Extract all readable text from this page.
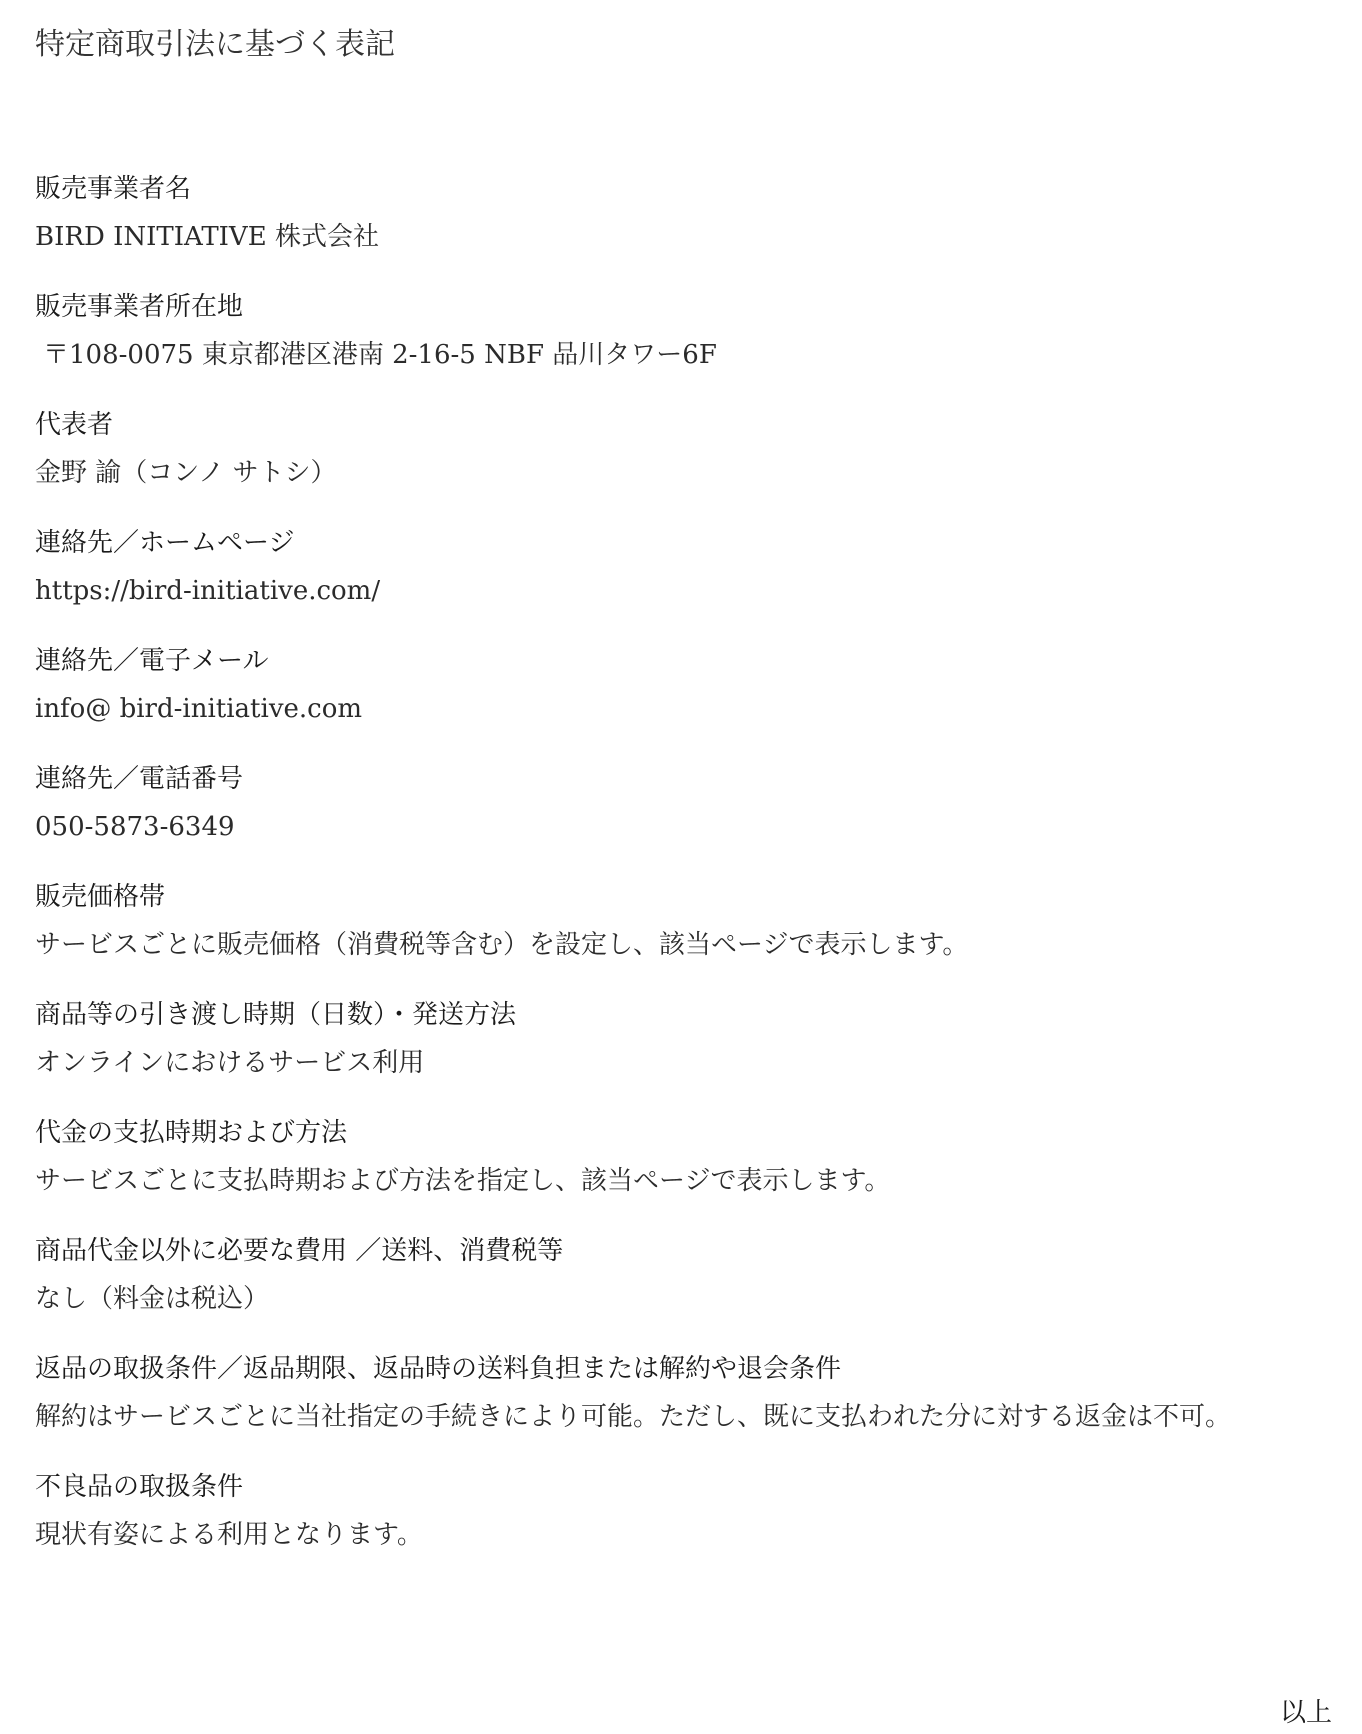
特定商取引法に基づく表記

販売事業者名

BIRD INITIATIVE 株式会社

販売事業者所在地

〒108-0075 東京都港区港南 2-16-5 NBF 品川タワー6F

代表者

金野 諭（コンノ サトシ）

連絡先／ホームページ

https://bird-initiative.com/

連絡先／電子メール

info@ bird-initiative.com

連絡先／電話番号

050-5873-6349

販売価格帯

サービスごとに販売価格（消費税等含む）を設定し、該当ページで表示します。

商品等の引き渡し時期（日数）・発送方法

オンラインにおけるサービス利用

代金の支払時期および方法

サービスごとに支払時期および方法を指定し、該当ページで表示します。

商品代金以外に必要な費用 ／送料、消費税等

なし（料金は税込）

返品の取扱条件／返品期限、返品時の送料負担または解約や退会条件

解約はサービスごとに当社指定の手続きにより可能。ただし、既に支払われた分に対する返金は不可。

不良品の取扱条件

現状有姿による利用となります。

以上
